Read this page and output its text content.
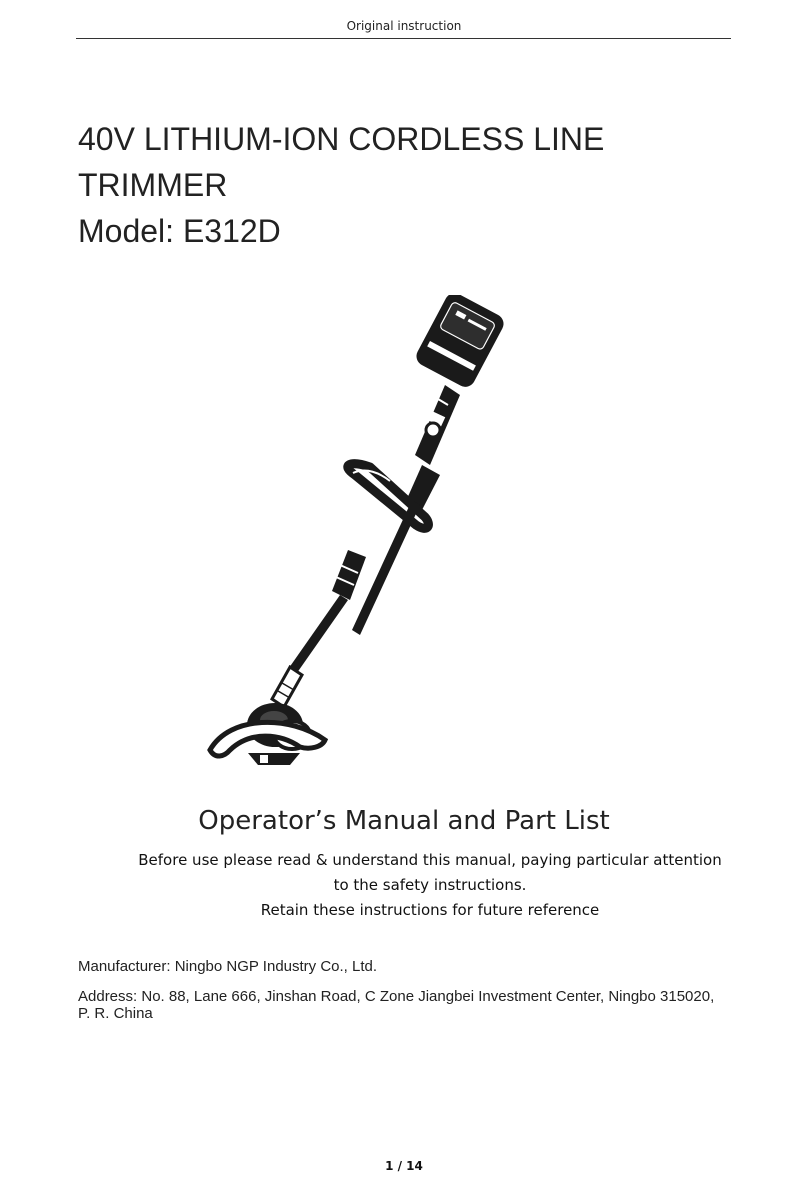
Original instruction
40V LITHIUM-ION CORDLESS LINE
TRIMMER
Model: E312D
Operator’s Manual and Part List
Before use please read & understand this manual, paying particular attention
to the safety instructions.
Retain these instructions for future reference
Manufacturer: Ningbo NGP Industry Co., Ltd.
Address: No. 88, Lane 666, Jinshan Road, C Zone Jiangbei Investment Center, Ningbo 315020, P. R. China
1 / 14
